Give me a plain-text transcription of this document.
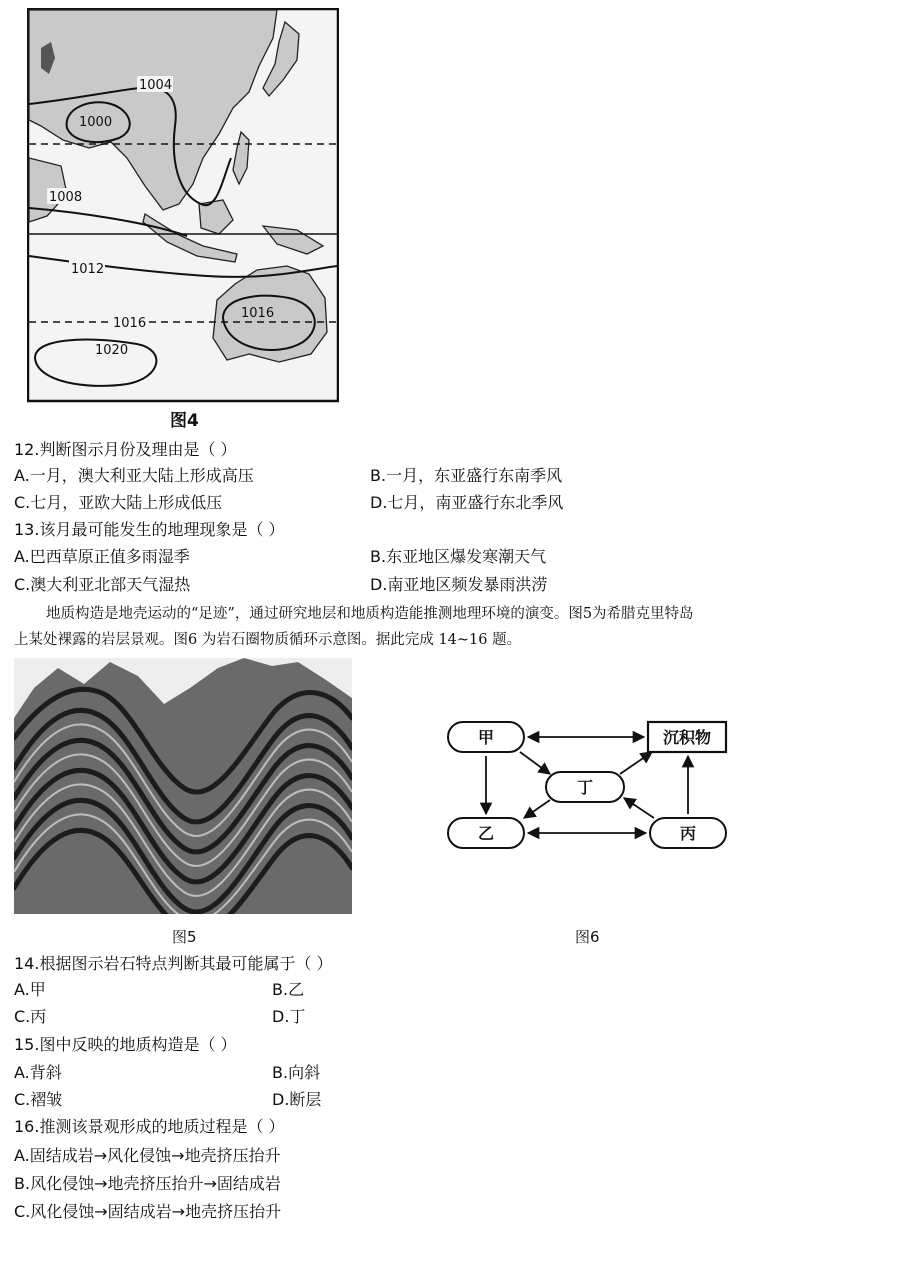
1004
1000
1008
1012
1016
1016
1020
图4
12.判断图示月份及理由是（ ）
A.一月，澳大利亚大陆上形成高压	B.一月，东亚盛行东南季风
C.七月，亚欧大陆上形成低压	D.七月，南亚盛行东北季风
13.该月最可能发生的地理现象是（ ）
A.巴西草原正值多雨湿季	B.东亚地区爆发寒潮天气
C.澳大利亚北部天气湿热	D.南亚地区频发暴雨洪涝
地质构造是地壳运动的“足迹”，通过研究地层和地质构造能推测地理环境的演变。图5为希腊克里特岛
上某处裸露的岩层景观。图6 为岩石圈物质循环示意图。据此完成 14~16 题。
图5
甲	沉积物
丁
乙	丙
图6
14.根据图示岩石特点判断其最可能属于（ ）
A.甲	B.乙
C.丙	D.丁
15.图中反映的地质构造是（ ）
A.背斜	B.向斜
C.褶皱	D.断层
16.推测该景观形成的地质过程是（ ）
A.固结成岩→风化侵蚀→地壳挤压抬升
B.风化侵蚀→地壳挤压抬升→固结成岩
C.风化侵蚀→固结成岩→地壳挤压抬升
